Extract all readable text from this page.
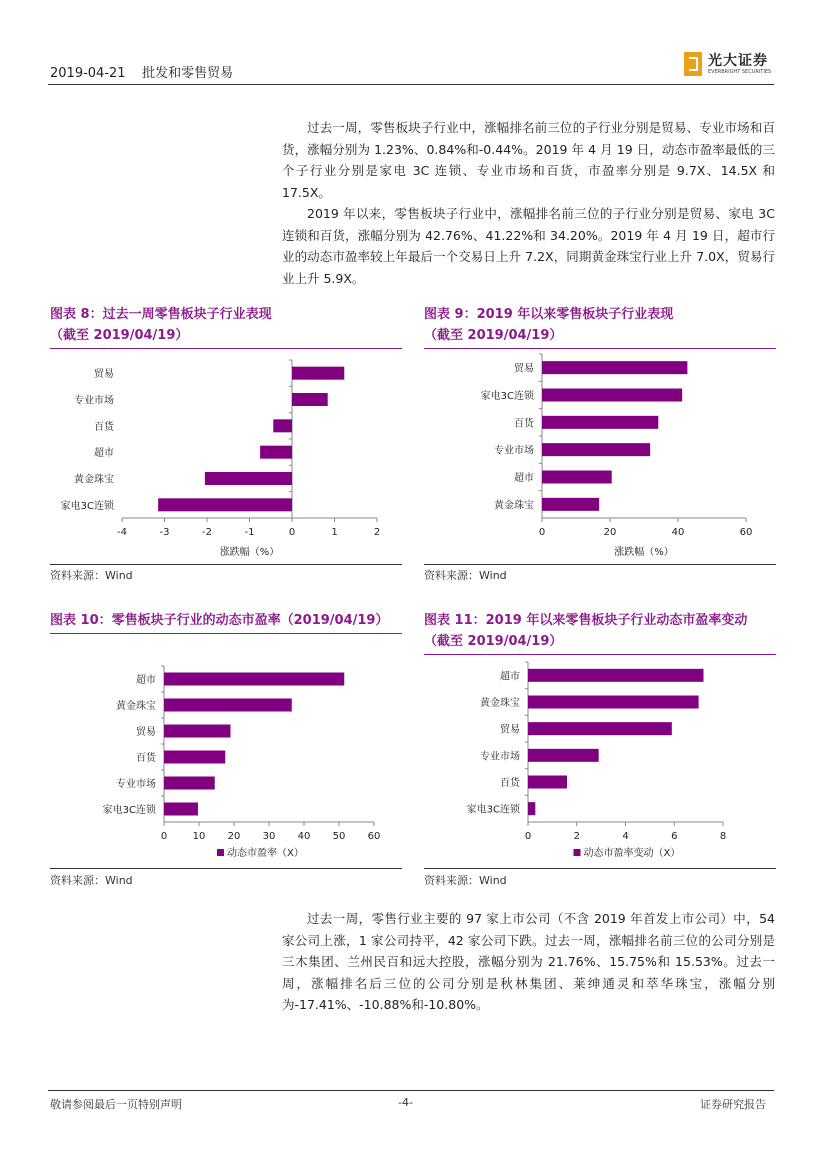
2019-04-21    批发和零售贸易
光大证券
EVERBRIGHT SECURITIES

过去一周，零售板块子行业中，涨幅排名前三位的子行业分别是贸易、专业市场和百货，涨幅分别为 1.23%、0.84%和-0.44%。2019 年 4 月 19 日，动态市盈率最低的三个子行业分别是家电 3C 连锁、专业市场和百货，市盈率分别是 9.7X、14.5X 和 17.5X。

2019 年以来，零售板块子行业中，涨幅排名前三位的子行业分别是贸易、家电 3C 连锁和百货，涨幅分别为 42.76%、41.22%和 34.20%。2019 年 4 月 19 日，超市行业的动态市盈率较上年最后一个交易日上升 7.2X，同期黄金珠宝行业上升 7.0X，贸易行业上升 5.9X。

图表 8：过去一周零售板块子行业表现
（截至 2019/04/19）
贸易
专业市场
百货
超市
黄金珠宝
家电3C连锁
-4	-3	-2	-1	0	1	2
涨跌幅（%）
资料来源：Wind
图表 9：2019 年以来零售板块子行业表现
（截至 2019/04/19）
贸易
家电3C连锁
百货
专业市场
超市
黄金珠宝
0	20	40	60
涨跌幅（%）
资料来源：Wind
图表 10：零售板块子行业的动态市盈率（2019/04/19）
超市
黄金珠宝
贸易
百货
专业市场
家电3C连锁
0	10 20 30 40 50 60
动态市盈率（X）
资料来源：Wind
图表 11：2019 年以来零售板块子行业动态市盈率变动
（截至 2019/04/19）
超市
黄金珠宝
贸易
专业市场
百货
家电3C连锁
0	2	4	6	8
动态市盈率变动（X）
资料来源：Wind

过去一周，零售行业主要的 97 家上市公司（不含 2019 年首发上市公司）中，54 家公司上涨，1 家公司持平，42 家公司下跌。过去一周，涨幅排名前三位的公司分别是三木集团、兰州民百和远大控股，涨幅分别为 21.76%、15.75%和 15.53%。过去一周，涨幅排名后三位的公司分别是秋林集团、莱绅通灵和萃华珠宝，涨幅分别为-17.41%、-10.88%和-10.80%。

敬请参阅最后一页特别声明	-4-	证券研究报告
